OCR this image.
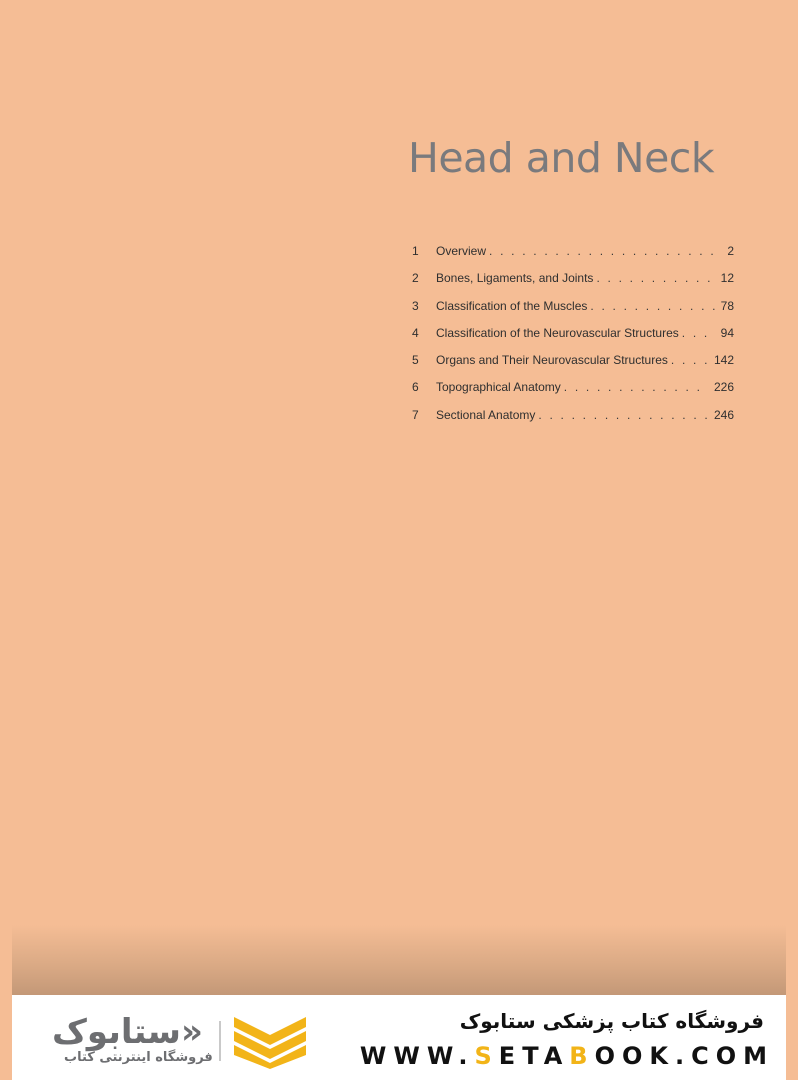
Head and Neck
1	Overview . . .	2
2	Bones, Ligaments, and Joints . . .	12
3	Classification of the Muscles . . .	78
4	Classification of the Neurovascular Structures . . .	94
5	Organs and Their Neurovascular Structures . . .	142
6	Topographical Anatomy . . .	226
7	Sectional Anatomy . . .	246
ستابوک»
فروشگاه اینترنتی کتاب
فروشگاه کتاب پزشکی ستابوک
WWW.SETABOOK.COM
